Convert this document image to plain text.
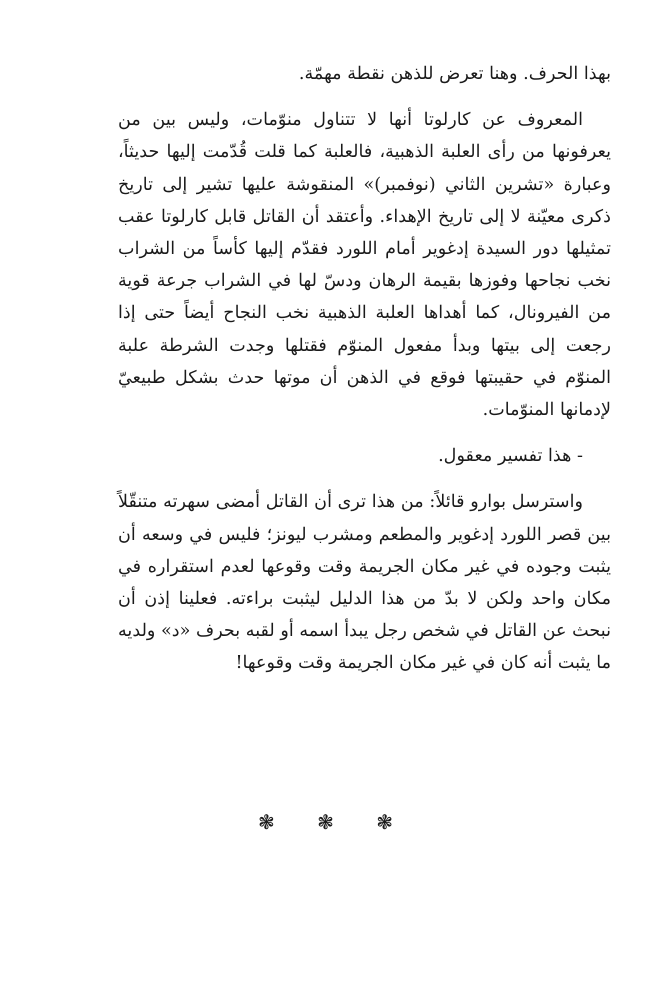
بهذا الحرف. وهنا تعرض للذهن نقطة مهمّة.

المعروف عن كارلوتا أنها لا تتناول منوّمات، وليس بين من يعرفونها من رأى العلبة الذهبية، فالعلبة كما قلت قُدّمت إليها حديثاً، وعبارة «تشرين الثاني (نوفمبر)» المنقوشة عليها تشير إلى تاريخ ذكرى معيّنة لا إلى تاريخ الإهداء. وأعتقد أن القاتل قابل كارلوتا عقب تمثيلها دور السيدة إدغوير أمام اللورد فقدّم إليها كأساً من الشراب نخب نجاحها وفوزها بقيمة الرهان ودسّ لها في الشراب جرعة قوية من الفيرونال، كما أهداها العلبة الذهبية نخب النجاح أيضاً حتى إذا رجعت إلى بيتها وبدأ مفعول المنوّم فقتلها وجدت الشرطة علبة المنوّم في حقيبتها فوقع في الذهن أن موتها حدث بشكل طبيعيّ لإدمانها المنوّمات.

- هذا تفسير معقول.

واسترسل بوارو قائلاً: من هذا ترى أن القاتل أمضى سهرته متنقّلاً بين قصر اللورد إدغوير والمطعم ومشرب ليونز؛ فليس في وسعه أن يثبت وجوده في غير مكان الجريمة وقت وقوعها لعدم استقراره في مكان واحد ولكن لا بدّ من هذا الدليل ليثبت براءته. فعلينا إذن أن نبحث عن القاتل في شخص رجل يبدأ اسمه أو لقبه بحرف «د» ولديه ما يثبت أنه كان في غير مكان الجريمة وقت وقوعها!

❃ ❃ ❃
